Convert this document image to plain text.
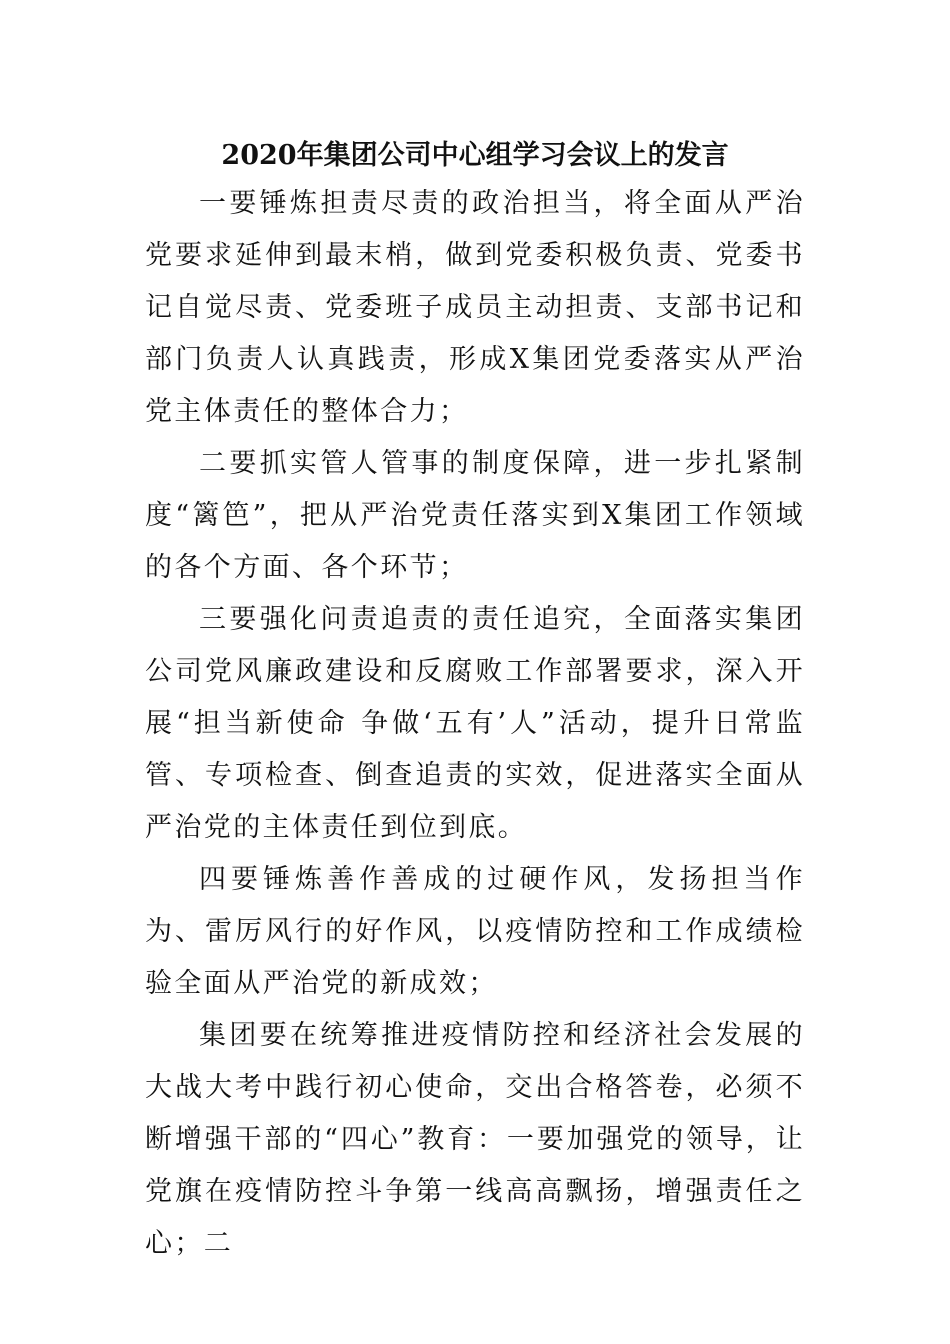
2020年集团公司中心组学习会议上的发言

一要锤炼担责尽责的政治担当，将全面从严治党要求延伸到最末梢，做到党委积极负责、党委书记自觉尽责、党委班子成员主动担责、支部书记和部门负责人认真践责，形成X集团党委落实从严治党主体责任的整体合力；

二要抓实管人管事的制度保障，进一步扎紧制度“篱笆”，把从严治党责任落实到X集团工作领域的各个方面、各个环节；

三要强化问责追责的责任追究，全面落实集团公司党风廉政建设和反腐败工作部署要求，深入开展“担当新使命 争做‘五有’人”活动，提升日常监管、专项检查、倒查追责的实效，促进落实全面从严治党的主体责任到位到底。

四要锤炼善作善成的过硬作风，发扬担当作为、雷厉风行的好作风，以疫情防控和工作成绩检验全面从严治党的新成效；

集团要在统筹推进疫情防控和经济社会发展的大战大考中践行初心使命，交出合格答卷，必须不断增强干部的“四心”教育：一要加强党的领导，让党旗在疫情防控斗争第一线高高飘扬，增强责任之心；二
